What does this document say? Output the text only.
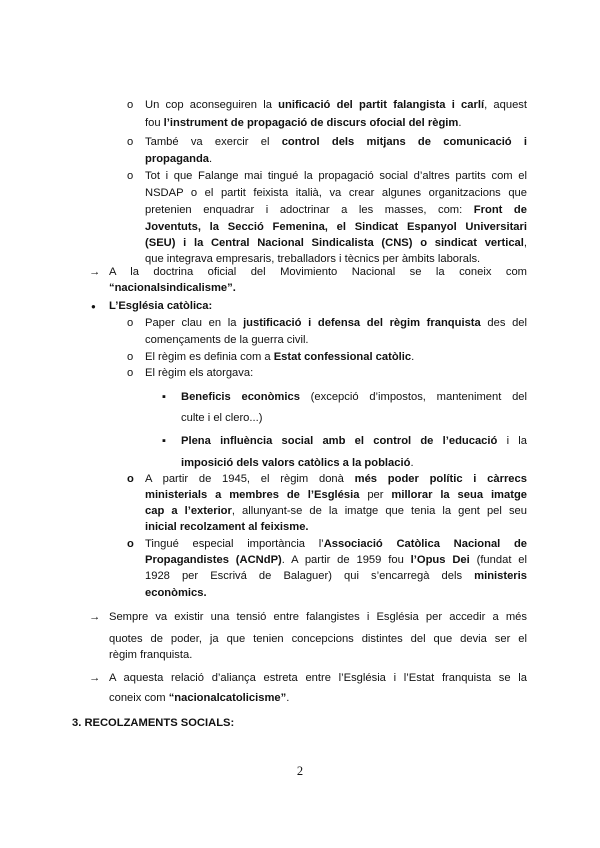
o Un cop aconseguiren la unificació del partit falangista i carlí, aquest
fou l’instrument de propagació de discurs ofocial del règim.
o També va exercir el control dels mitjans de comunicació i
propaganda.
o Tot i que Falange mai tingué la propagació social d’altres partits com el
NSDAP o el partit feixista italià, va crear algunes organitzacions que
pretenien enquadrar i adoctrinar a les masses, com: Front de
Joventuts, la Secció Femenina, el Sindicat Espanyol Universitari
(SEU) i la Central Nacional Sindicalista (CNS) o sindicat vertical,
que integrava empresaris, treballadors i tècnics per àmbits laborals.
→ A la doctrina oficial del Movimiento Nacional se la coneix com
“nacionalsindicalisme”.
● L’Església catòlica:
o Paper clau en la justificació i defensa del règim franquista des del
començaments de la guerra civil.
o El règim es definia com a Estat confessional catòlic.
o El règim els atorgava:
▪ Beneficis econòmics (excepció d’impostos, manteniment del
culte i el clero...)
▪ Plena influència social amb el control de l’educació i la
imposició dels valors catòlics a la població.
o A partir de 1945, el règim donà més poder polític i càrrecs
ministerials a membres de l’Església per millorar la seua imatge
cap a l’exterior, allunyant-se de la imatge que tenia la gent pel seu
inicial recolzament al feixisme.
o Tingué especial importància l’Associació Catòlica Nacional de
Propagandistes (ACNdP). A partir de 1959 fou l’Opus Dei (fundat el
1928 per Escrivá de Balaguer) qui s’encarregà dels ministeris
econòmics.
→ Sempre va existir una tensió entre falangistes i Església per accedir a més
quotes de poder, ja que tenien concepcions distintes del que devia ser el
règim franquista.
→ A aquesta relació d’aliança estreta entre l’Església i l’Estat franquista se la
coneix com “nacionalcatolicisme”.
3. RECOLZAMENTS SOCIALS:
2
